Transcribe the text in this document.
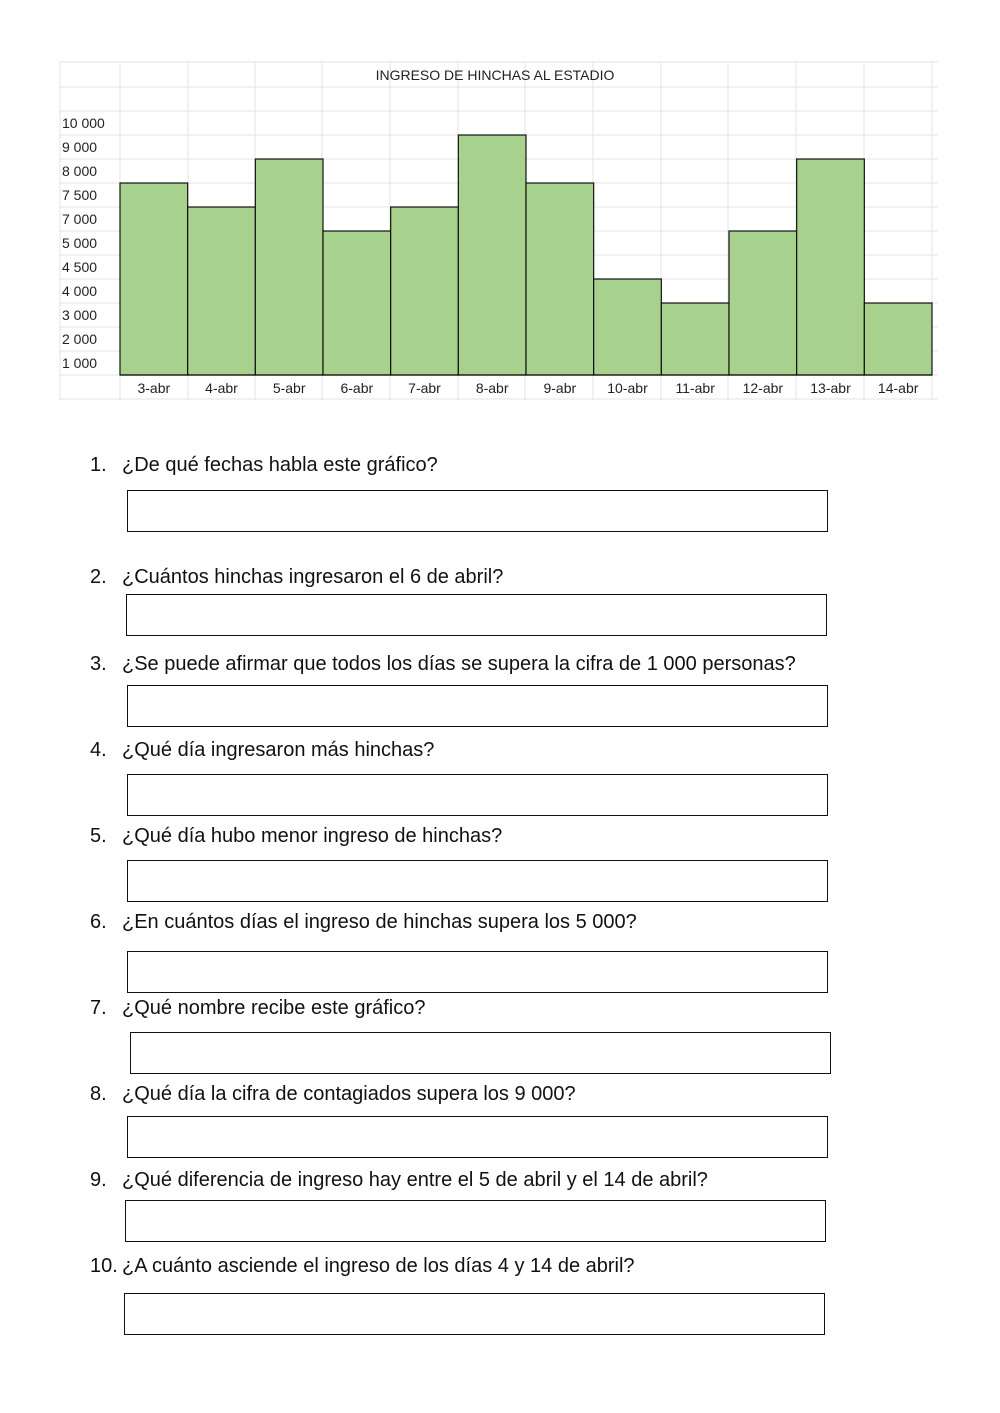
INGRESO DE HINCHAS AL ESTADIO
1 000
2 000
3 000
4 000
4 500
5 000
7 000
7 500
8 000
9 000
10 000
3-abr 4-abr 5-abr 6-abr 7-abr 8-abr 9-abr 10-abr 11-abr 12-abr 13-abr 14-abr
1. ¿De qué fechas habla este gráfico?
2. ¿Cuántos hinchas ingresaron el 6 de abril?
3. ¿Se puede afirmar que todos los días se supera la cifra de 1 000 personas?
4. ¿Qué día ingresaron más hinchas?
5. ¿Qué día hubo menor ingreso de hinchas?
6. ¿En cuántos días el ingreso de hinchas supera los 5 000?
7. ¿Qué nombre recibe este gráfico?
8. ¿Qué día la cifra de contagiados supera los 9 000?
9. ¿Qué diferencia de ingreso hay entre el 5 de abril y el 14 de abril?
10. ¿A cuánto asciende el ingreso de los días 4 y 14 de abril?
